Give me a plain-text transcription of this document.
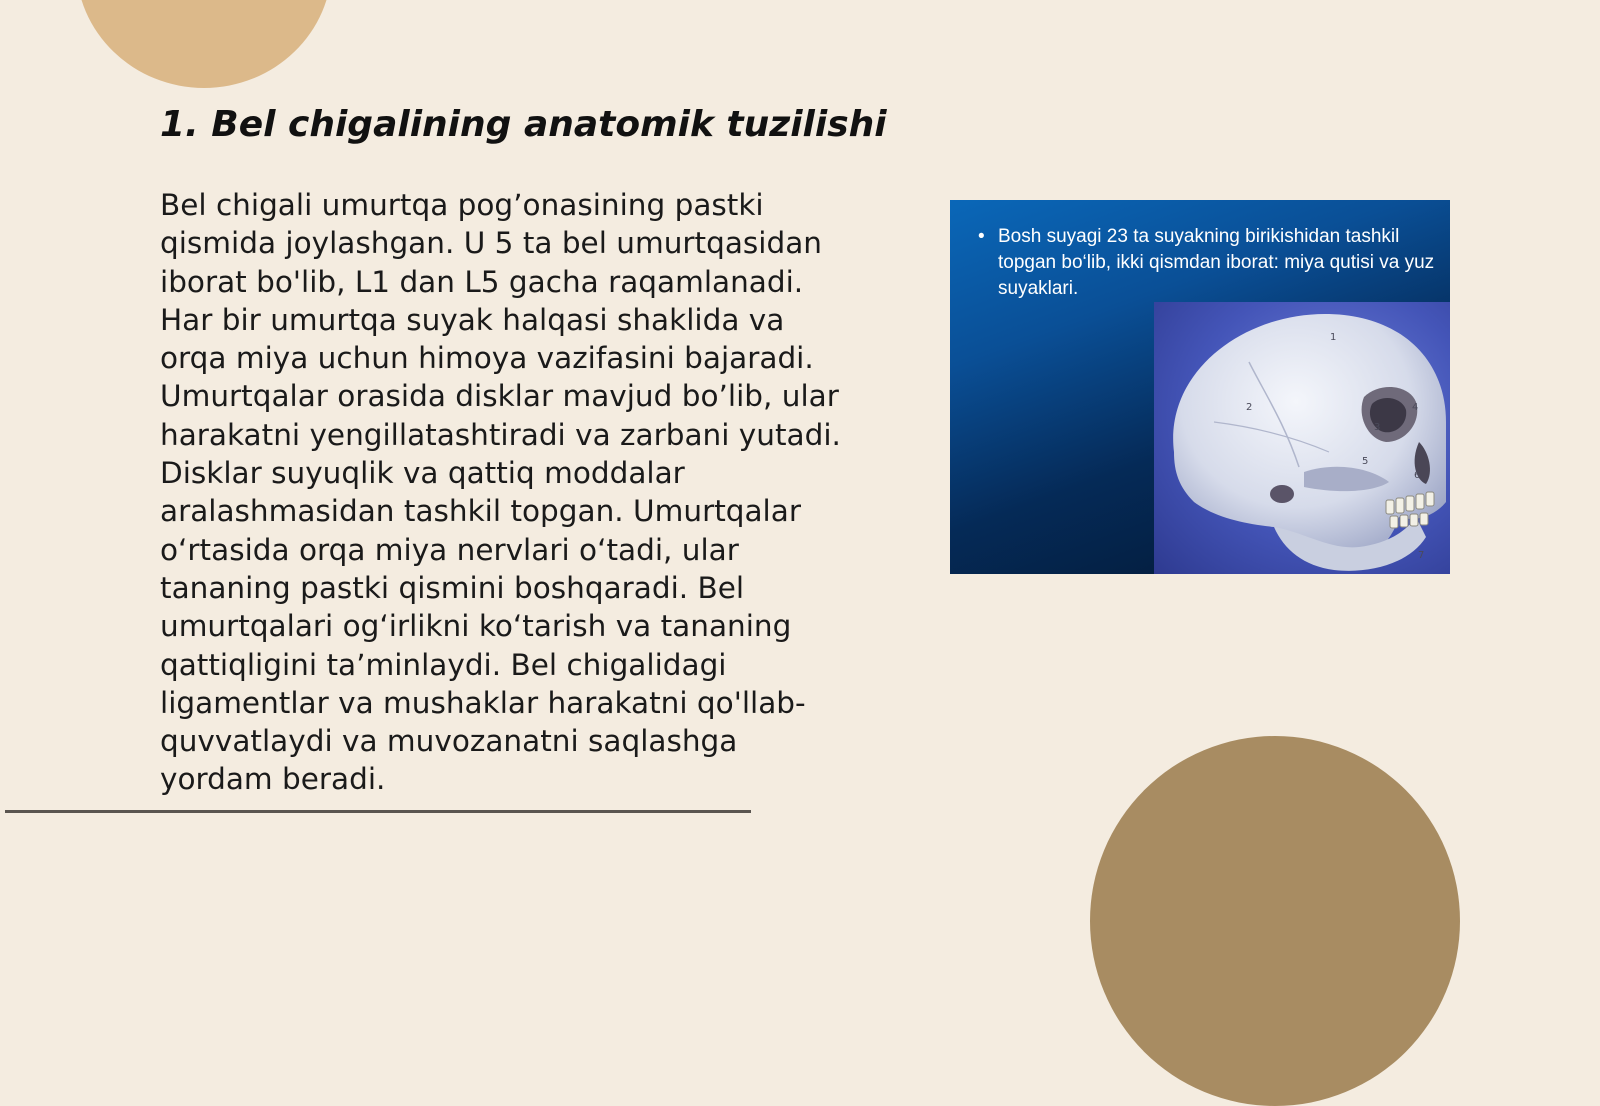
1. Bel chigalining anatomik tuzilishi

Bel chigali umurtqa pog’onasining pastki qismida joylashgan. U 5 ta bel umurtqasidan iborat bo'lib, L1 dan L5 gacha raqamlanadi. Har bir umurtqa suyak halqasi shaklida va orqa miya uchun himoya vazifasini bajaradi. Umurtqalar orasida disklar mavjud bo’lib, ular harakatni yengillatashtiradi va zarbani yutadi. Disklar suyuqlik va qattiq moddalar aralashmasidan tashkil topgan. Umurtqalar o‘rtasida orqa miya nervlari o‘tadi, ular tananing pastki qismini boshqaradi. Bel umurtqalari og‘irlikni ko‘tarish va tananing qattiqligini ta’minlaydi. Bel chigalidagi ligamentlar va mushaklar harakatni qo'llab-quvvatlaydi va muvozanatni saqlashga yordam beradi.

• Bosh suyagi 23 ta suyakning birikishidan tashkil topgan bo‘lib, ikki qismdan iborat: miya qutisi va yuz suyaklari.
1
2
3
4
5
6
7
